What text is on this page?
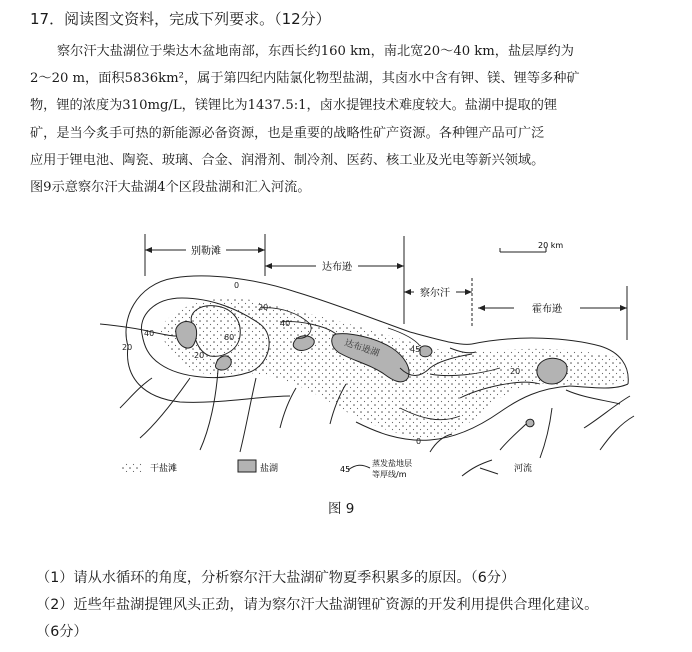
17．阅读图文资料，完成下列要求。（12分）
察尔汗大盐湖位于柴达木盆地南部，东西长约160 km，南北宽20～40 km，盐层厚约为
2～20 m，面积5836km²，属于第四纪内陆氯化物型盐湖，其卤水中含有钾、镁、锂等多种矿
物，锂的浓度为310mg/L，镁锂比为1437.5:1，卤水提锂技术难度较大。盐湖中提取的锂
矿，是当今炙手可热的新能源必备资源，也是重要的战略性矿产资源。各种锂产品可广泛
应用于锂电池、陶瓷、玻璃、合金、润滑剂、制冷剂、医药、核工业及光电等新兴领域。
图9示意察尔汗大盐湖4个区段盐湖和汇入河流。
别勒滩
达布逊
察尔汗
霍布逊
20 km
达布逊湖
0
20
40	60
20
40
45
20
0
20
干盐滩	盐湖	45
蒸发盐地层
等厚线/m
河流
图 9
（1）请从水循环的角度，分析察尔汗大盐湖矿物夏季积累多的原因。（6分）
（2）近些年盐湖提锂风头正劲，请为察尔汗大盐湖锂矿资源的开发利用提供合理化建议。
（6分）
